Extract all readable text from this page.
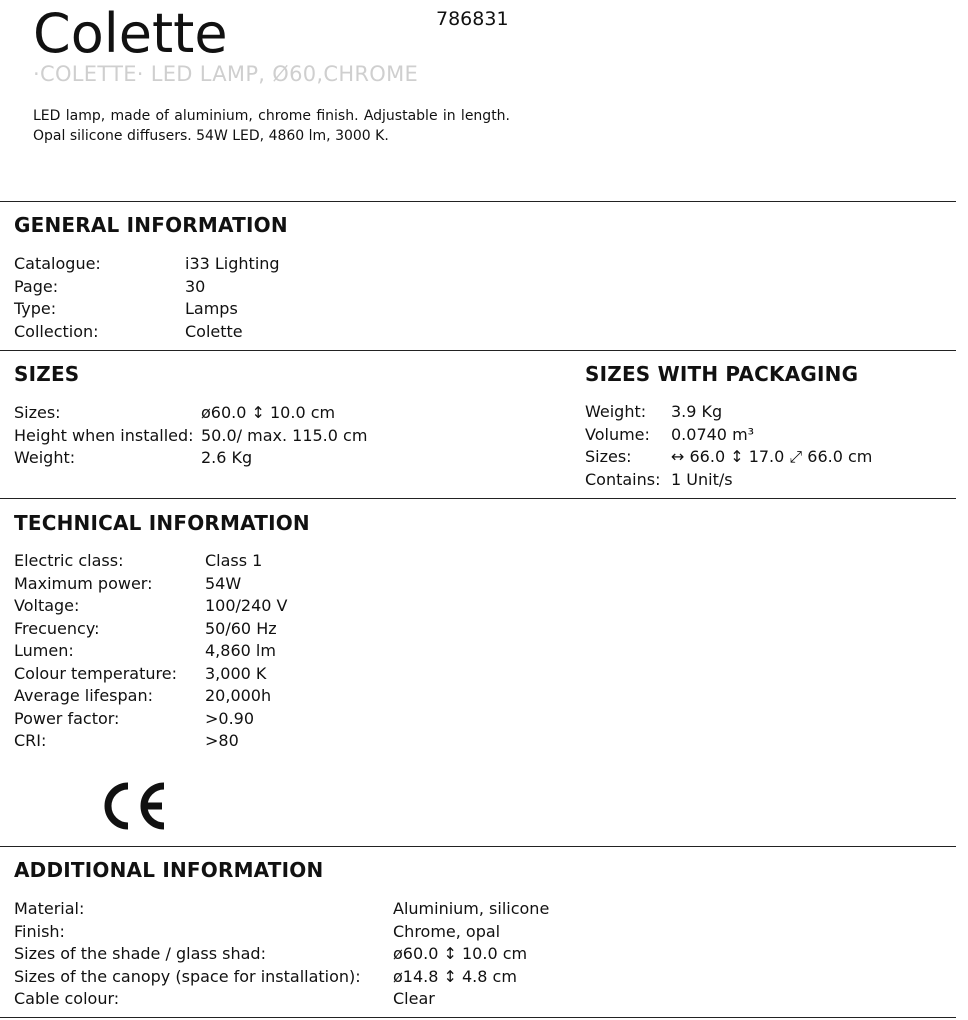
Colette	786831
·COLETTE· LED LAMP, Ø60,CHROME

LED lamp, made of aluminium, chrome finish. Adjustable in length. Opal silicone diffusers. 54W LED, 4860 lm, 3000 K.

GENERAL INFORMATION
Catalogue:	i33 Lighting
Page:	30
Type:	Lamps
Collection:	Colette
SIZES
Sizes:	ø60.0 ↕ 10.0 cm
Height when installed: 50.0/ max. 115.0 cm
Weight:	2.6 Kg
SIZES WITH PACKAGING
Weight:	3.9 Kg
Volume:	0.0740 m³
Sizes:	↔ 66.0 ↕ 17.0 ⤢ 66.0 cm
Contains: 1 Unit/s
TECHNICAL INFORMATION
Electric class:	Class 1
Maximum power:	54W
Voltage:	100/240 V
Frecuency:	50/60 Hz
Lumen:	4,860 lm
Colour temperature:	3,000 K
Average lifespan:	20,000h
Power factor:	>0.90
CRI:	>80
ADDITIONAL INFORMATION
Material:	Aluminium, silicone
Finish:	Chrome, opal
Sizes of the shade / glass shad:	ø60.0 ↕ 10.0 cm
Sizes of the canopy (space for installation):	ø14.8 ↕ 4.8 cm
Cable colour:	Clear
